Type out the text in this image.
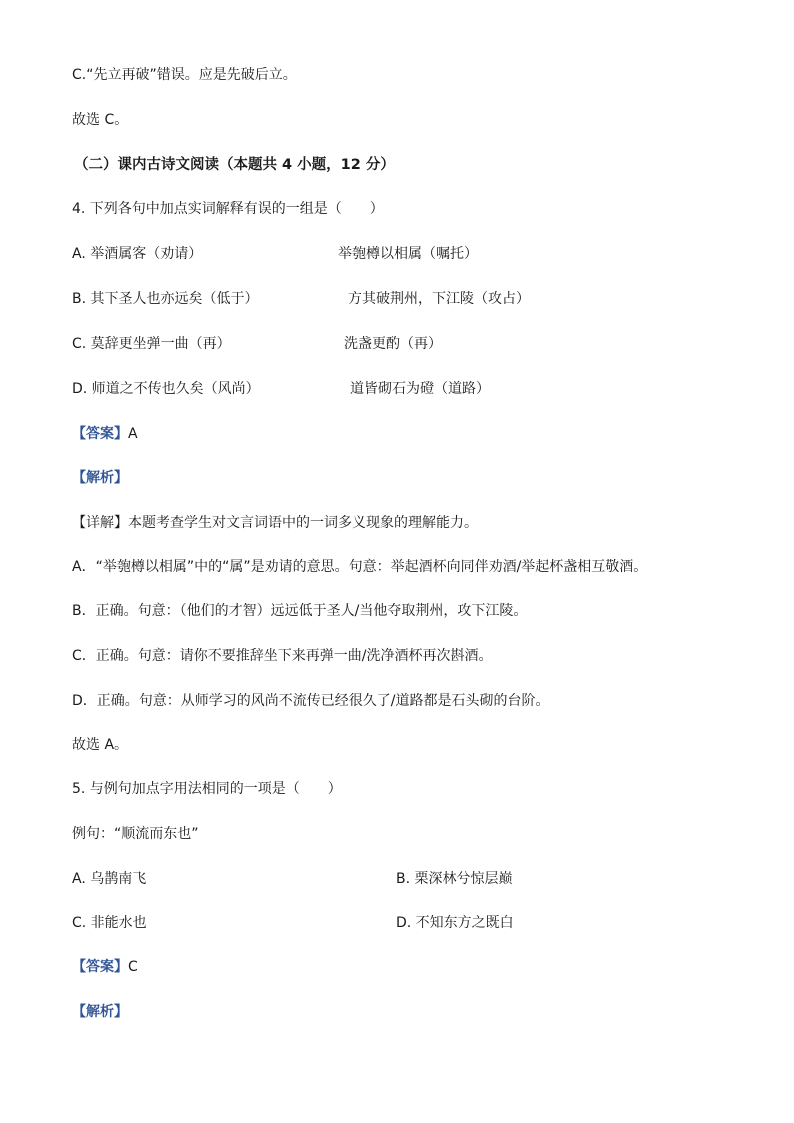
C.“先立再破”错误。应是先破后立。
故选 C。
（二）课内古诗文阅读（本题共 4 小题，12 分）
4. 下列各句中加点实词解释有误的一组是（　　）
A. 举酒属客（劝请）	举匏樽以相属（嘱托）
B. 其下圣人也亦远矣（低于）	方其破荆州，下江陵（攻占）
C. 莫辞更坐弹一曲（再）	洗盏更酌（再）
D. 师道之不传也久矣（风尚）	道皆砌石为磴（道路）
【答案】A
【解析】
【详解】本题考查学生对文言词语中的一词多义现象的理解能力。
A．“举匏樽以相属”中的“属”是劝请的意思。句意：举起酒杯向同伴劝酒/举起杯盏相互敬酒。
B．正确。句意：（他们的才智）远远低于圣人/当他夺取荆州，攻下江陵。
C．正确。句意：请你不要推辞坐下来再弹一曲/洗净酒杯再次斟酒。
D．正确。句意：从师学习的风尚不流传已经很久了/道路都是石头砌的台阶。
故选 A。
5. 与例句加点字用法相同的一项是（　　）
例句：“顺流而东也”
A. 乌鹊南飞	B. 栗深林兮惊层巅
C. 非能水也	D. 不知东方之既白
【答案】C
【解析】
